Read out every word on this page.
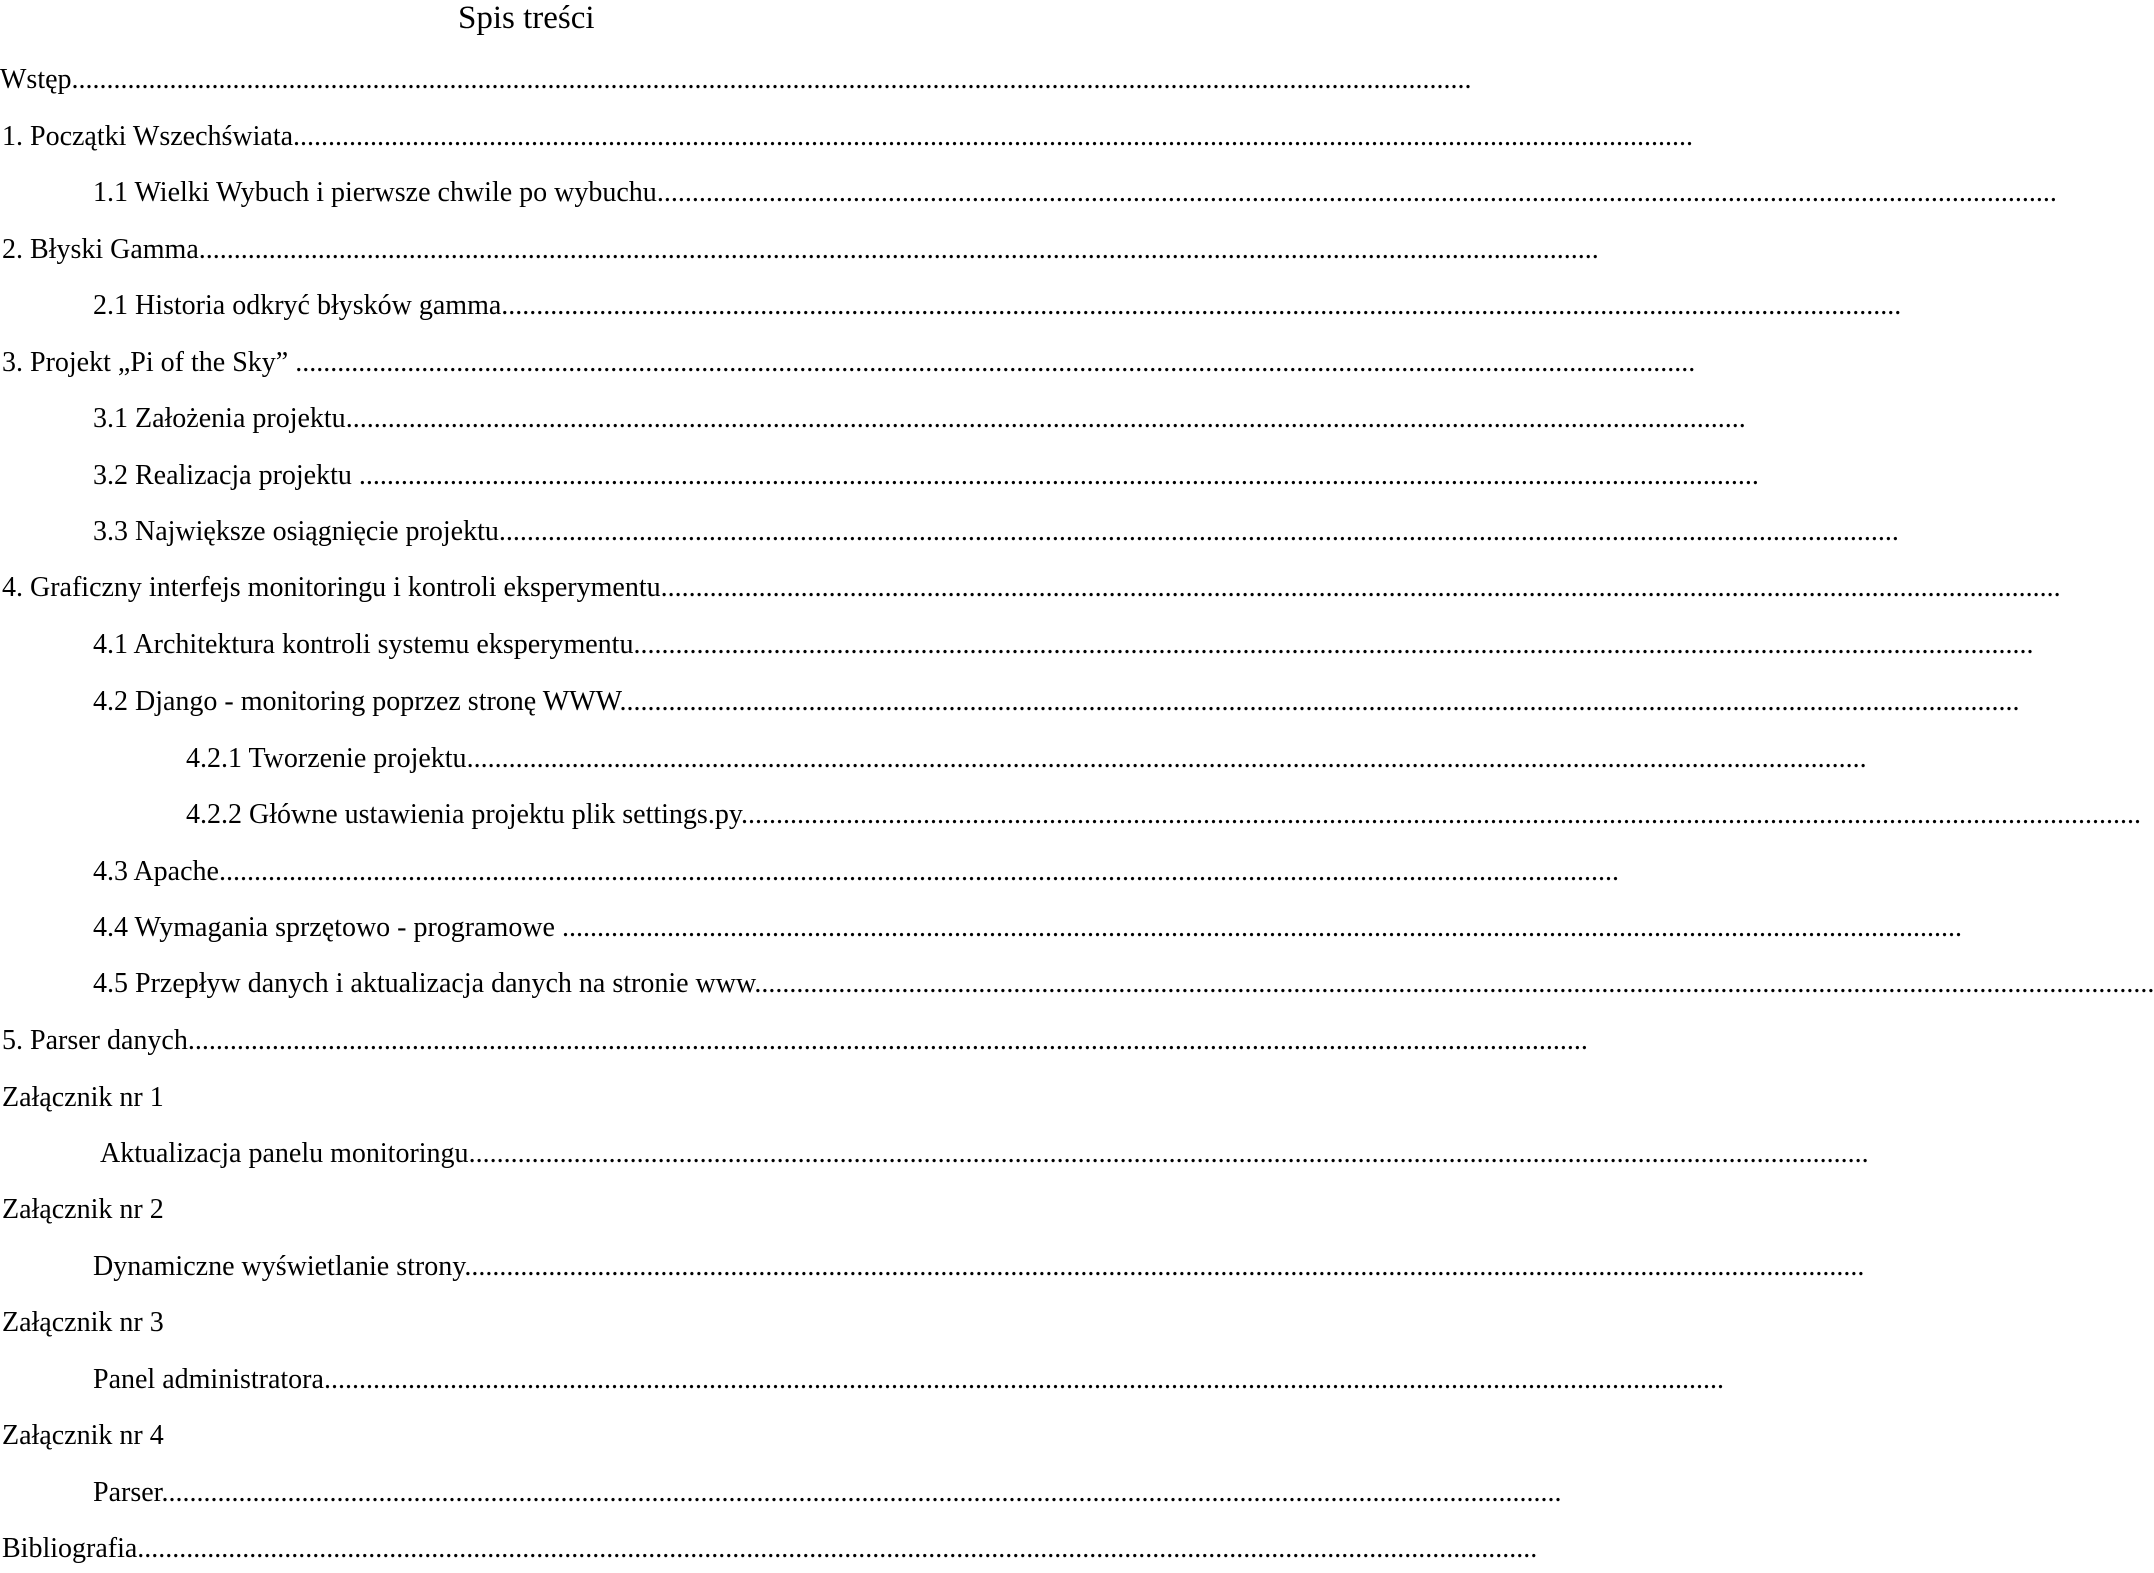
Spis treści
Wstęp........................................................................................................................................................................................................
1. Początki Wszechświata........................................................................................................................................................................................................
1.1 Wielki Wybuch i pierwsze chwile po wybuchu........................................................................................................................................................................................................
2. Błyski Gamma........................................................................................................................................................................................................
2.1 Historia odkryć błysków gamma........................................................................................................................................................................................................
3. Projekt „Pi of the Sky” ........................................................................................................................................................................................................
3.1 Założenia projektu........................................................................................................................................................................................................
3.2 Realizacja projektu ........................................................................................................................................................................................................
3.3 Największe osiągnięcie projektu........................................................................................................................................................................................................
4. Graficzny interfejs monitoringu i kontroli eksperymentu........................................................................................................................................................................................................
4.1 Architektura kontroli systemu eksperymentu........................................................................................................................................................................................................
4.2 Django - monitoring poprzez stronę WWW........................................................................................................................................................................................................
4.2.1 Tworzenie projektu........................................................................................................................................................................................................
4.2.2 Główne ustawienia projektu plik settings.py........................................................................................................................................................................................................
4.3 Apache........................................................................................................................................................................................................
4.4 Wymagania sprzętowo - programowe ........................................................................................................................................................................................................
4.5 Przepływ danych i aktualizacja danych na stronie www........................................................................................................................................................................................................
5. Parser danych........................................................................................................................................................................................................
Załącznik nr 1
Aktualizacja panelu monitoringu........................................................................................................................................................................................................
Załącznik nr 2
Dynamiczne wyświetlanie strony........................................................................................................................................................................................................
Załącznik nr 3
Panel administratora........................................................................................................................................................................................................
Załącznik nr 4
Parser........................................................................................................................................................................................................
Bibliografia........................................................................................................................................................................................................
